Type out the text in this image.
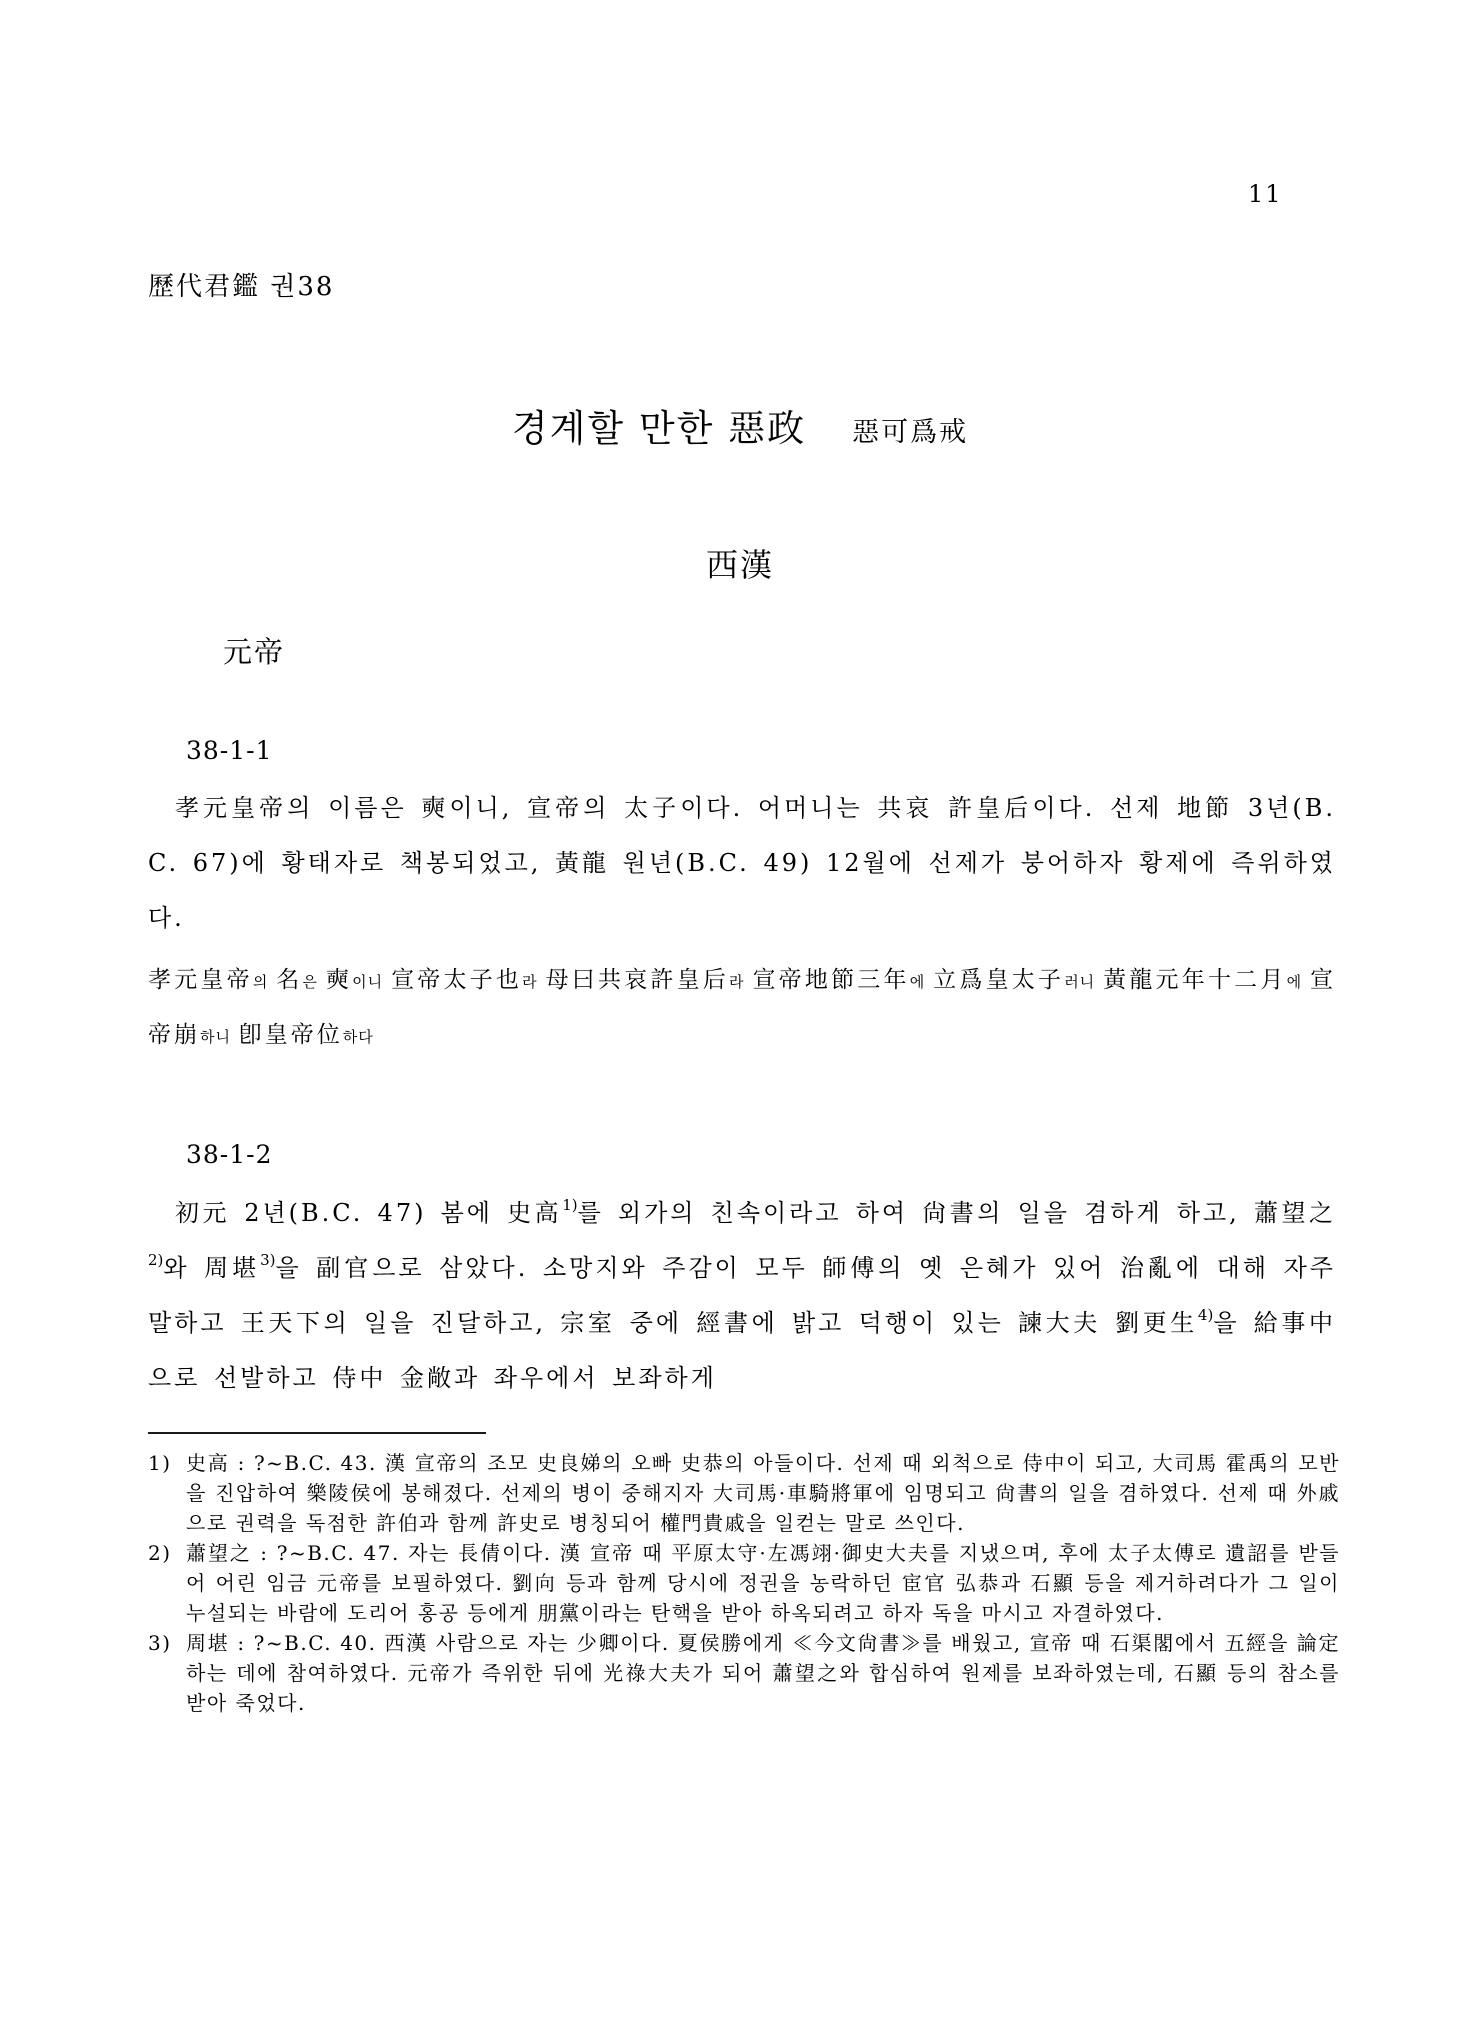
11
歷代君鑑 권38
경계할 만한 惡政 惡可爲戒
西漢
元帝
38-1-1

孝元皇帝의 이름은 奭이니, 宣帝의 太子이다. 어머니는 共哀 許皇后이다. 선제 地節 3년(B.C. 67)에 황태자로 책봉되었고, 黃龍 원년(B.C. 49) 12월에 선제가 붕어하자 황제에 즉위하였다.

孝元皇帝의 名은 奭이니 宣帝太子也라 母曰共哀許皇后라 宣帝地節三年에 立爲皇太子러니 黃龍元年十二月에 宣帝崩하니 卽皇帝位하다

38-1-2

初元 2년(B.C. 47) 봄에 史高$^{1)}$를 외가의 친속이라고 하여 尙書의 일을 겸하게 하고, 蕭望之$^{2)}$와 周堪$^{3)}$을 副官으로 삼았다. 소망지와 주감이 모두 師傅의 옛 은혜가 있어 治亂에 대해 자주 말하고 王天下의 일을 진달하고, 宗室 중에 經書에 밝고 덕행이 있는 諫大夫 劉更生$^{4)}$을 給事中으로 선발하고 侍中 金敞과 좌우에서 보좌하게

1) 史高 : ?~B.C. 43. 漢 宣帝의 조모 史良娣의 오빠 史恭의 아들이다. 선제 때 외척으로 侍中이 되고, 大司馬 霍禹의 모반을 진압하여 樂陵侯에 봉해졌다. 선제의 병이 중해지자 大司馬·車騎將軍에 임명되고 尙書의 일을 겸하였다. 선제 때 外戚으로 권력을 독점한 許伯과 함께 許史로 병칭되어 權門貴戚을 일컫는 말로 쓰인다.
2) 蕭望之 : ?~B.C. 47. 자는 長倩이다. 漢 宣帝 때 平原太守·左馮翊·御史大夫를 지냈으며, 후에 太子太傅로 遺詔를 받들어 어린 임금 元帝를 보필하였다. 劉向 등과 함께 당시에 정권을 농락하던 宦官 弘恭과 石顯 등을 제거하려다가 그 일이 누설되는 바람에 도리어 홍공 등에게 朋黨이라는 탄핵을 받아 하옥되려고 하자 독을 마시고 자결하였다.
3) 周堪 : ?~B.C. 40. 西漢 사람으로 자는 少卿이다. 夏侯勝에게 ≪今文尙書≫를 배웠고, 宣帝 때 石渠閣에서 五經을 論定하는 데에 참여하였다. 元帝가 즉위한 뒤에 光祿大夫가 되어 蕭望之와 합심하여 원제를 보좌하였는데, 石顯 등의 참소를 받아 죽었다.
